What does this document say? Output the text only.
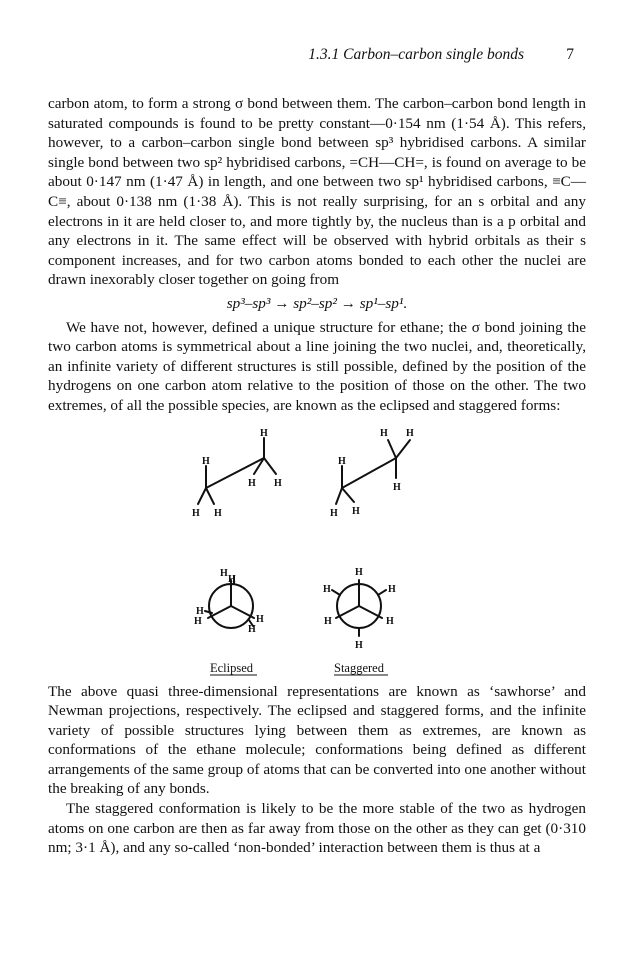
1.3.1 Carbon–carbon single bonds	7

carbon atom, to form a strong σ bond between them. The carbon–carbon bond length in saturated compounds is found to be pretty constant—0·154 nm (1·54 Å). This refers, however, to a carbon–carbon single bond between sp³ hybridised carbons. A similar single bond between two sp² hybridised carbons, =CH—CH=, is found on average to be about 0·147 nm (1·47 Å) in length, and one between two sp¹ hybridised carbons, ≡C—C≡, about 0·138 nm (1·38 Å). This is not really surprising, for an s orbital and any electrons in it are held closer to, and more tightly by, the nucleus than is a p orbital and any electrons in it. The same effect will be observed with hybrid orbitals as their s component increases, and for two carbon atoms bonded to each other the nuclei are drawn inexorably closer together on going from

sp³–sp³ → sp²–sp² → sp¹–sp¹.

We have not, however, defined a unique structure for ethane; the σ bond joining the two carbon atoms is symmetrical about a line joining the two nuclei, and, theoretically, an infinite variety of different structures is still possible, defined by the position of the hydrogens on one carbon atom relative to the position of those on the other. The two extremes, of all the possible species, are known as the eclipsed and staggered forms:

H
H H
H
H H
H
H H
H H
H
H
H
H
H	H
H
H
H	H
H	H
H
Eclipsed	Staggered

The above quasi three-dimensional representations are known as ‘sawhorse’ and Newman projections, respectively. The eclipsed and staggered forms, and the infinite variety of possible structures lying between them as extremes, are known as conformations of the ethane molecule; conformations being defined as different arrangements of the same group of atoms that can be converted into one another without the breaking of any bonds.

The staggered conformation is likely to be the more stable of the two as hydrogen atoms on one carbon are then as far away from those on the other as they can get (0·310 nm; 3·1 Å), and any so-called ‘non-bonded’ interaction between them is thus at a
